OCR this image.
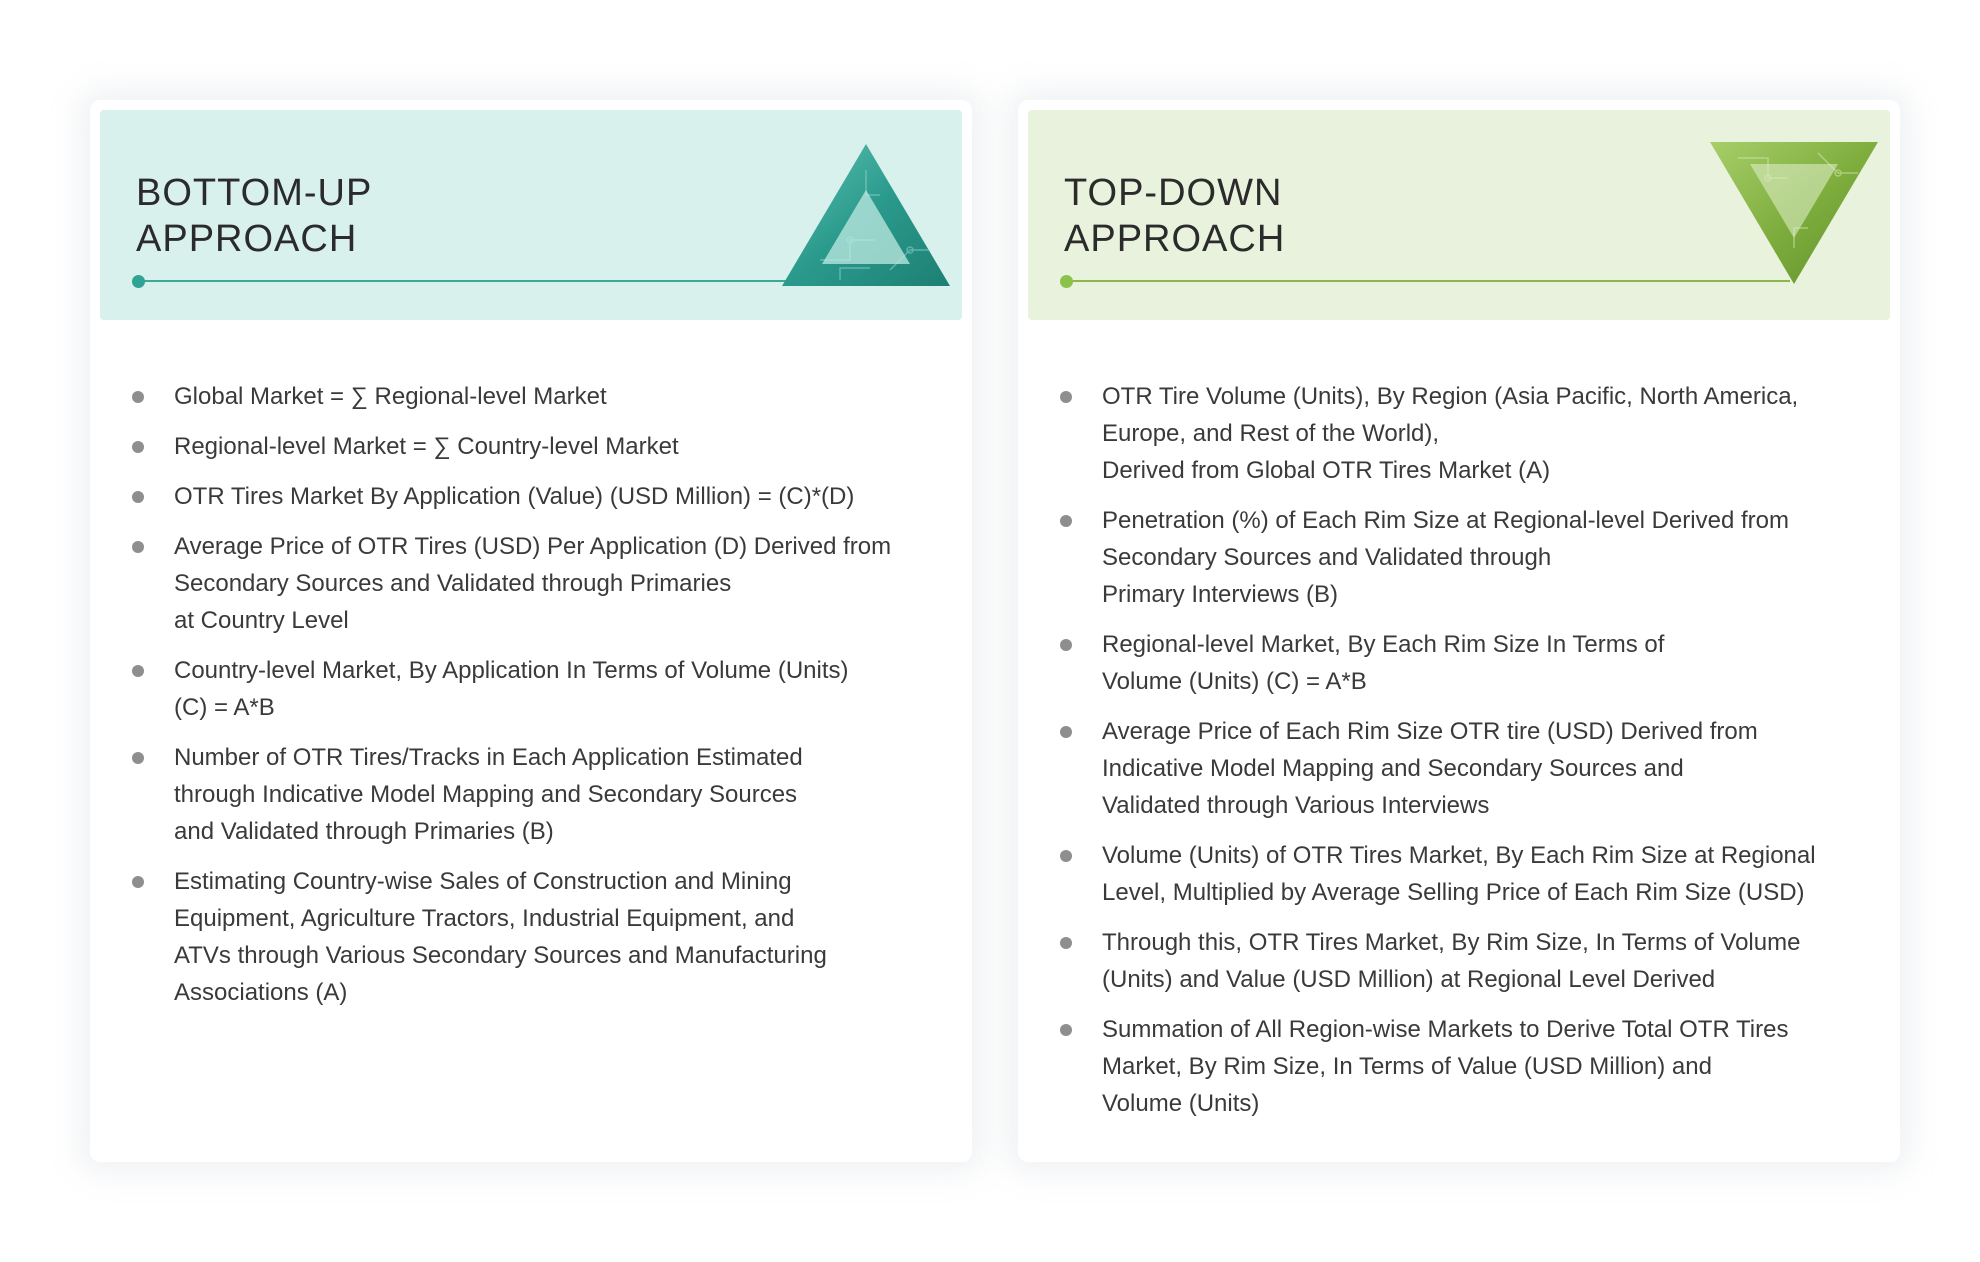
BOTTOM-UP
APPROACH
Global Market = ∑ Regional-level Market
Regional-level Market = ∑ Country-level Market
OTR Tires Market By Application (Value) (USD Million) = (C)*(D)
Average Price of OTR Tires (USD) Per Application (D) Derived from
Secondary Sources and Validated through Primaries
at Country Level
Country-level Market, By Application In Terms of Volume (Units)
(C) = A*B
Number of OTR Tires/Tracks in Each Application Estimated
through Indicative Model Mapping and Secondary Sources
and Validated through Primaries (B)
Estimating Country-wise Sales of Construction and Mining
Equipment, Agriculture Tractors, Industrial Equipment, and
ATVs through Various Secondary Sources and Manufacturing
Associations (A)
TOP-DOWN
APPROACH
OTR Tire Volume (Units), By Region (Asia Pacific, North America,
Europe, and Rest of the World),
Derived from Global OTR Tires Market (A)
Penetration (%) of Each Rim Size at Regional-level Derived from
Secondary Sources and Validated through
Primary Interviews (B)
Regional-level Market, By Each Rim Size In Terms of
Volume (Units) (C) = A*B
Average Price of Each Rim Size OTR tire (USD) Derived from
Indicative Model Mapping and Secondary Sources and
Validated through Various Interviews
Volume (Units) of OTR Tires Market, By Each Rim Size at Regional
Level, Multiplied by Average Selling Price of Each Rim Size (USD)
Through this, OTR Tires Market, By Rim Size, In Terms of Volume
(Units) and Value (USD Million) at Regional Level Derived
Summation of All Region-wise Markets to Derive Total OTR Tires
Market, By Rim Size, In Terms of Value (USD Million) and
Volume (Units)
